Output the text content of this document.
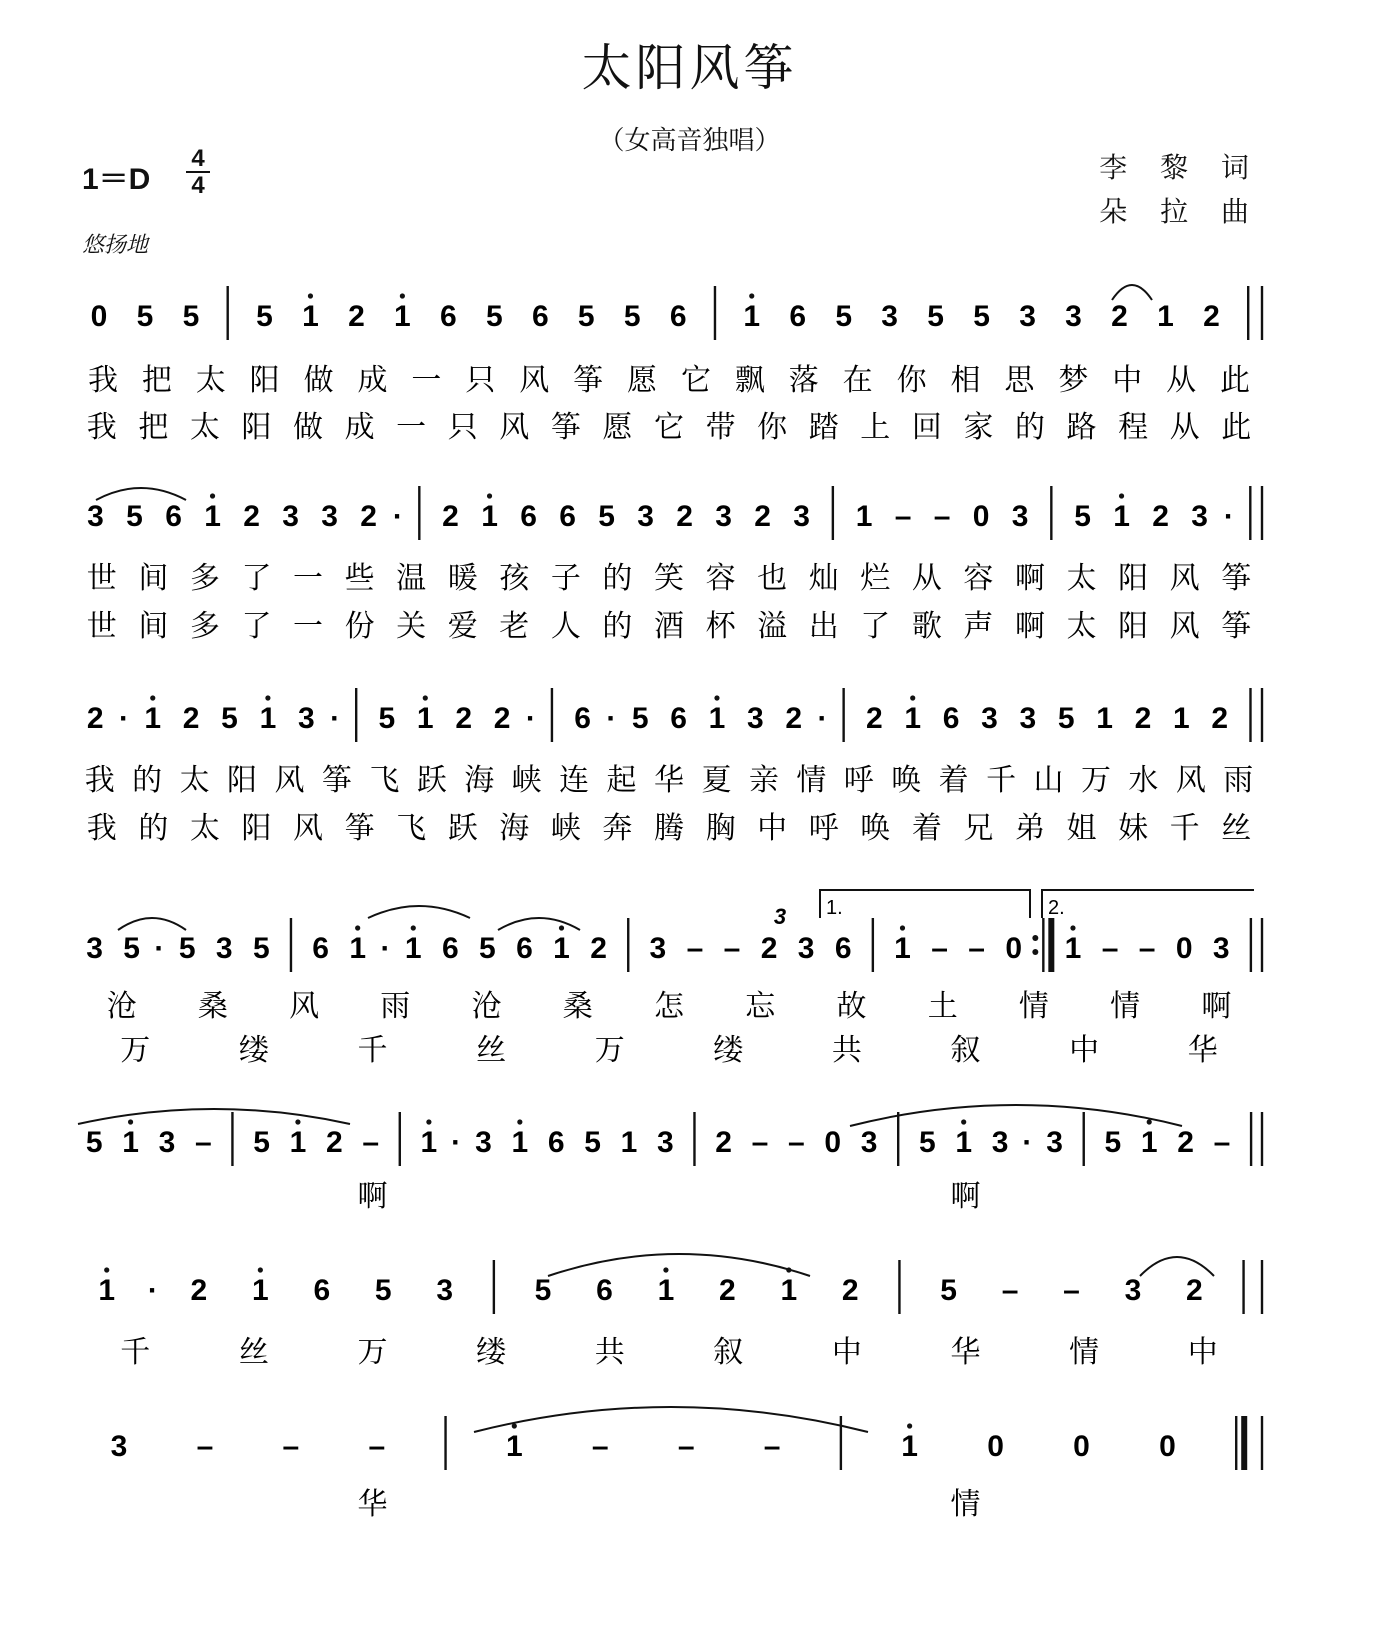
太阳风筝
（女高音独唱）
1＝D
4
4
悠扬地
李 黎 词
朵 拉 曲
0 5 5 5 1 2 1 6 5 6 5 5 6 1 6 5 3 5 5 3 3 2 1 2
我 把 太 阳 做 成 一 只 风 筝 愿 它 飘 落 在 你 相 思 梦 中 从 此
我 把 太 阳 做 成 一 只 风 筝 愿 它 带 你 踏 上 回 家 的 路 程 从 此
3 5 6 1 2 3 3 2 · 2 1 6 6 5 3 2 3 2 3 1 – – 0 3 5 1 2 3 ·
世 间 多 了 一 些 温 暖 孩 子 的 笑 容 也 灿 烂 从 容 啊 太 阳 风 筝
世 间 多 了 一 份 关 爱 老 人 的 酒 杯 溢 出 了 歌 声 啊 太 阳 风 筝
2 · 1 2 5 1 3 · 5 1 2 2 · 6 · 5 6 1 3 2 · 2 1 6 3 3 5 1 2 1 2
我 的 太 阳 风 筝 飞 跃 海 峡 连 起 华 夏 亲 情 呼 唤 着 千 山 万 水 风 雨
我 的 太 阳 风 筝 飞 跃 海 峡 奔 腾 胸 中 呼 唤 着 兄 弟 姐 妹 千 丝
3 5 · 5 3 5 6 1 · 1 6 5 6 1 2 3 – – 2 3 6 1 – – 0 1 – – 0 3
沧 桑 风 雨 沧 桑 怎 忘 故 土 情 情 啊
万	缕	千	丝	万	缕	共	叙	中	华
5 1 3 – 5 1 2 – 1 · 3 1 6 5 1 3 2 – – 0 3 5 1 3 · 3 5 1 2 –
啊	啊
1 · 2 1 6 5 3	5 6 1 2 1 2	5 – – 3 2
千	丝	万	缕	共	叙	中	华	情	中
3 – – –	1 – – –	1 0 0 0
华	情
1.	2.
3
